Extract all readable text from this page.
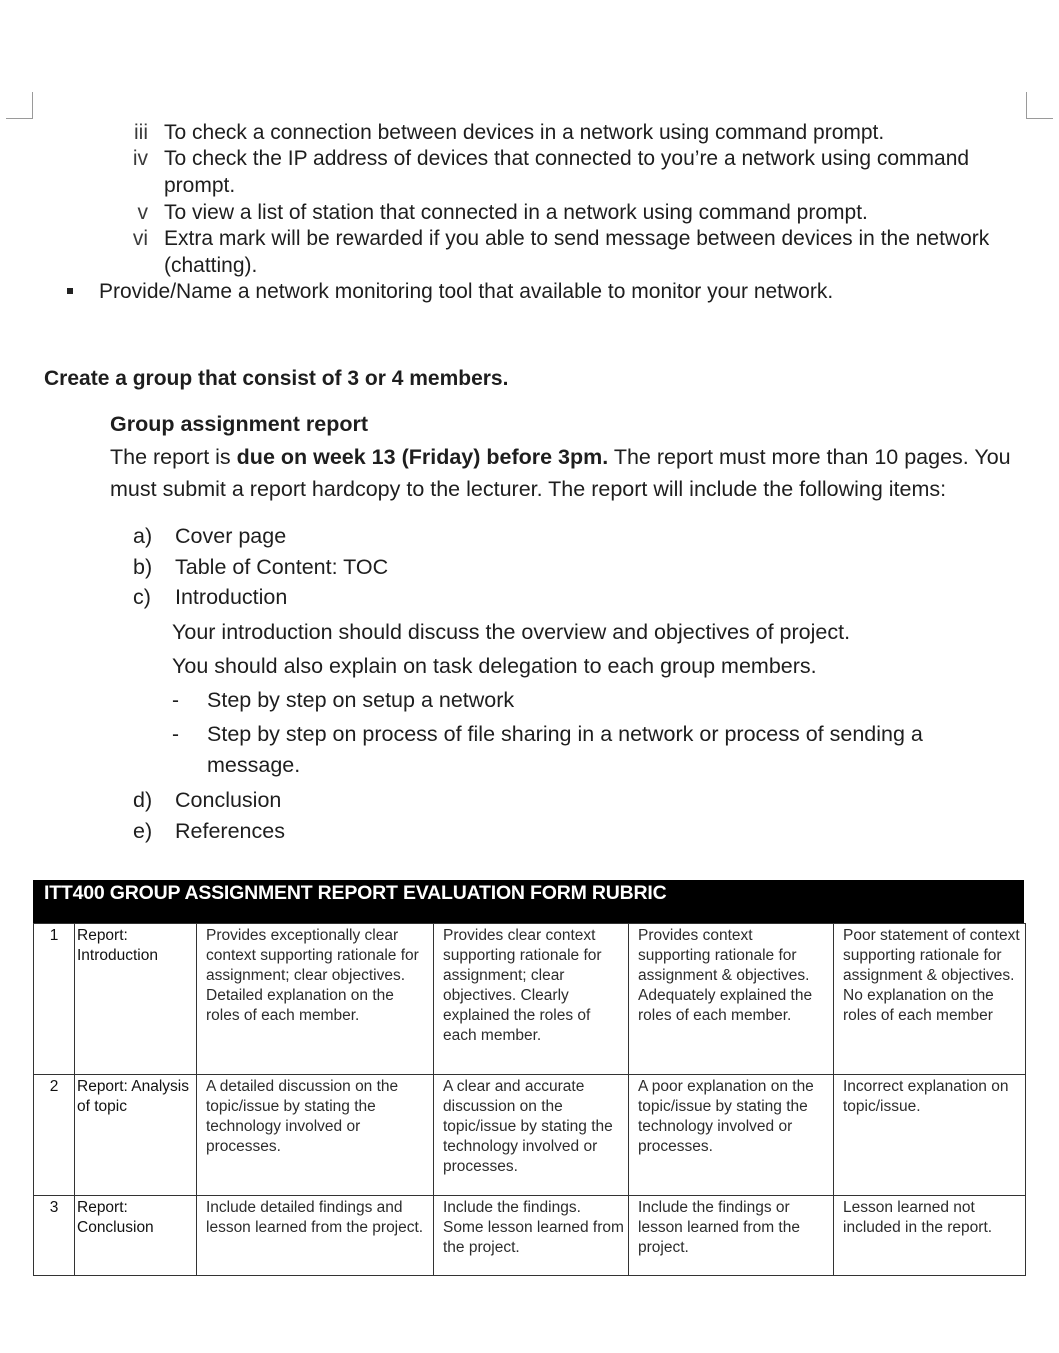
iii To check a connection between devices in a network using command prompt.
iv To check the IP address of devices that connected to you’re a network using command prompt.
v To view a list of station that connected in a network using command prompt.
vi Extra mark will be rewarded if you able to send message between devices in the network (chatting).
Provide/Name a network monitoring tool that available to monitor your network.
Create a group that consist of 3 or 4 members.
Group assignment report
The report is due on week 13 (Friday) before 3pm. The report must more than 10 pages. You must submit a report hardcopy to the lecturer. The report will include the following items:
a) Cover page
b) Table of Content: TOC
c) Introduction
Your introduction should discuss the overview and objectives of project.
You should also explain on task delegation to each group members.
- Step by step on setup a network
- Step by step on process of file sharing in a network or process of sending a message.
d) Conclusion
e) References
ITT400 GROUP ASSIGNMENT REPORT EVALUATION FORM RUBRIC
1	Report: Introduction	Provides exceptionally clear context supporting rationale for assignment; clear objectives. Detailed explanation on the roles of each member.	Provides clear context supporting rationale for assignment; clear objectives. Clearly explained the roles of each member.	Provides context supporting rationale for assignment & objectives. Adequately explained the roles of each member.	Poor statement of context supporting rationale for assignment & objectives. No explanation on the roles of each member

2	Report: Analysis of topic	A detailed discussion on the topic/issue by stating the technology involved or processes.	A clear and accurate discussion on the topic/issue by stating the technology involved or processes.	A poor explanation on the topic/issue by stating the technology involved or processes.	Incorrect explanation on topic/issue.
3	Report: Conclusion	Include detailed findings and lesson learned from the project.	Include the findings. Some lesson learned from the project.	Include the findings or lesson learned from the project.	Lesson learned not included in the report.
